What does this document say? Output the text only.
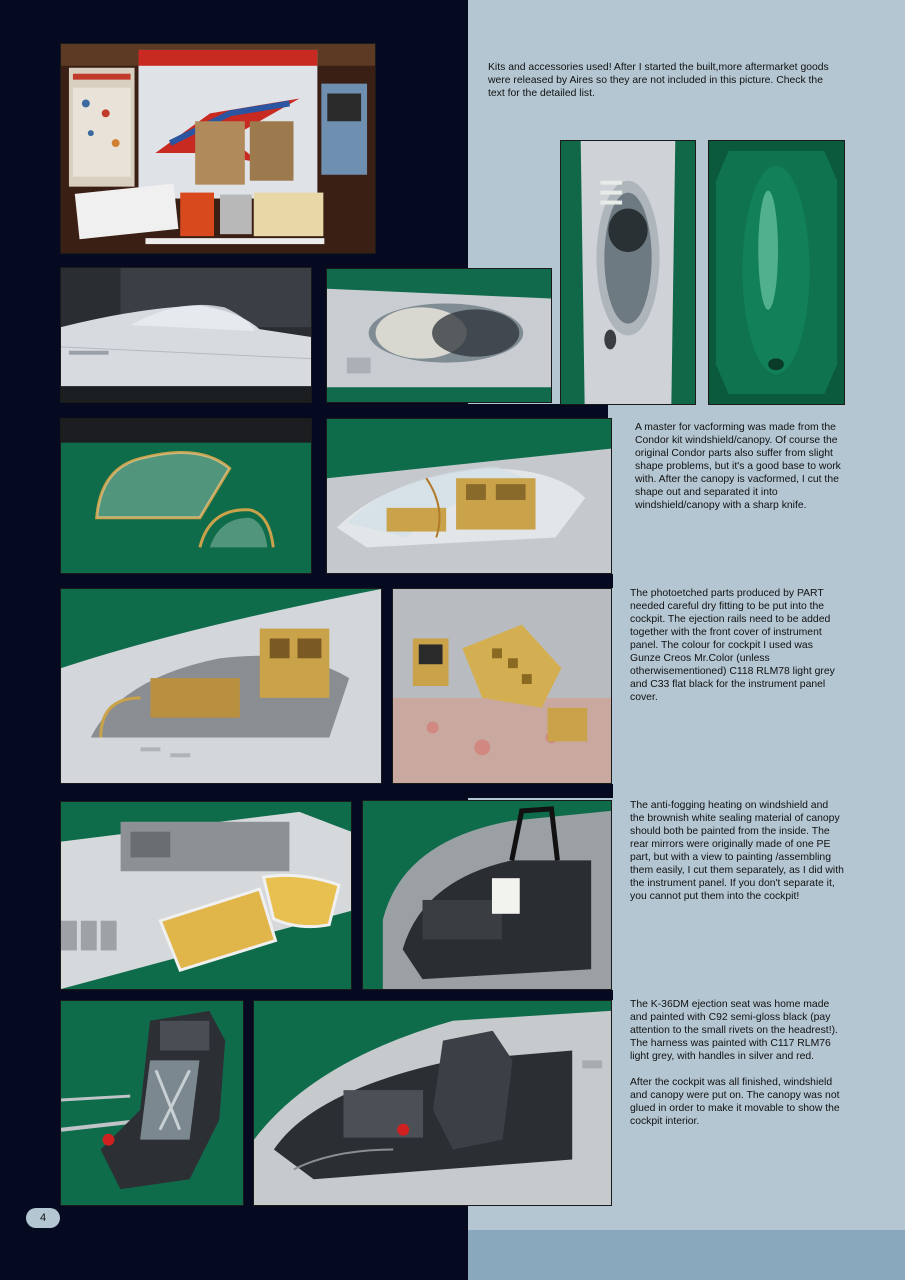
Kits and accessories used! After I started the built,more aftermarket goods were released by Aires so they are not included in this picture. Check the text for the detailed list.
A master for vacforming was made from the Condor kit windshield/canopy. Of course the original Condor parts also suffer from slight shape problems, but it's a good base to work with. After the canopy is vacformed, I cut the shape out and separated it into windshield/canopy with a sharp knife.
The photoetched parts produced by PART needed careful dry fitting to be put into the cockpit. The ejection rails need to be added together with the front cover of instrument panel. The colour for cockpit I used was Gunze Creos Mr.Color (unless otherwisementioned) C118 RLM78 light grey and C33 flat black for the instrument panel cover.
The anti-fogging heating on windshield and the brownish white sealing material of canopy should both be painted from the inside. The rear mirrors were originally made of one PE part, but with a view to painting /assembling them easily, I cut them separately, as I did with the instrument panel. If you don't separate it, you cannot put them into the cockpit!
The K-36DM ejection seat was home made and painted with C92 semi-gloss black (pay attention to the small rivets on the headrest!). The harness was painted with C117 RLM76 light grey, with handles in silver and red.

After the cockpit was all finished, windshield and canopy were put on. The canopy was not glued in order to make it movable to show the cockpit interior.
4
